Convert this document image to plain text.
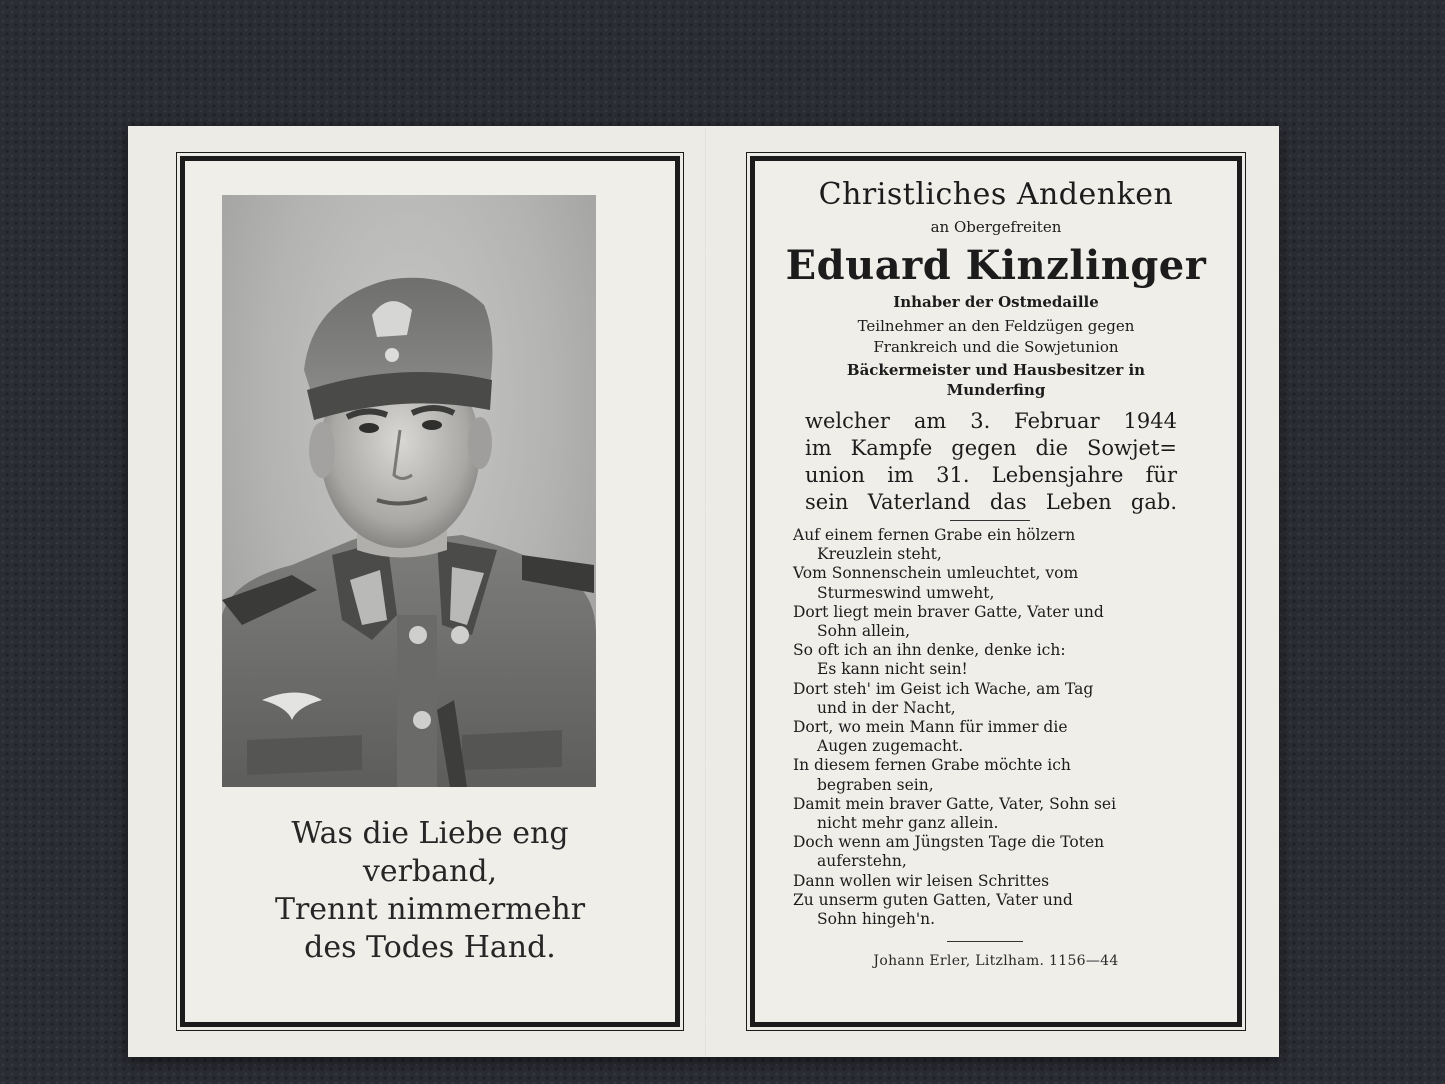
Was die Liebe eng
verband,
Trennt nimmermehr
des Todes Hand.
Christliches Andenken
an Obergefreiten
Eduard Kinzlinger
Inhaber der Ostmedaille
Teilnehmer an den Feldzügen gegen
Frankreich und die Sowjetunion
Bäckermeister und Hausbesitzer in
Munderfing
welcher am 3. Februar 1944
im Kampfe gegen die Sowjet=
union im 31. Lebensjahre für
sein Vaterland das Leben gab.
Auf einem fernen Grabe ein hölzern
Kreuzlein steht,
Vom Sonnenschein umleuchtet, vom
Sturmeswind umweht,
Dort liegt mein braver Gatte, Vater und
Sohn allein,
So oft ich an ihn denke, denke ich:
Es kann nicht sein!
Dort steh' im Geist ich Wache, am Tag
und in der Nacht,
Dort, wo mein Mann für immer die
Augen zugemacht.
In diesem fernen Grabe möchte ich
begraben sein,
Damit mein braver Gatte, Vater, Sohn sei
nicht mehr ganz allein.
Doch wenn am Jüngsten Tage die Toten
auferstehn,
Dann wollen wir leisen Schrittes
Zu unserm guten Gatten, Vater und
Sohn hingeh'n.
Johann Erler, Litzlham. 1156—44
